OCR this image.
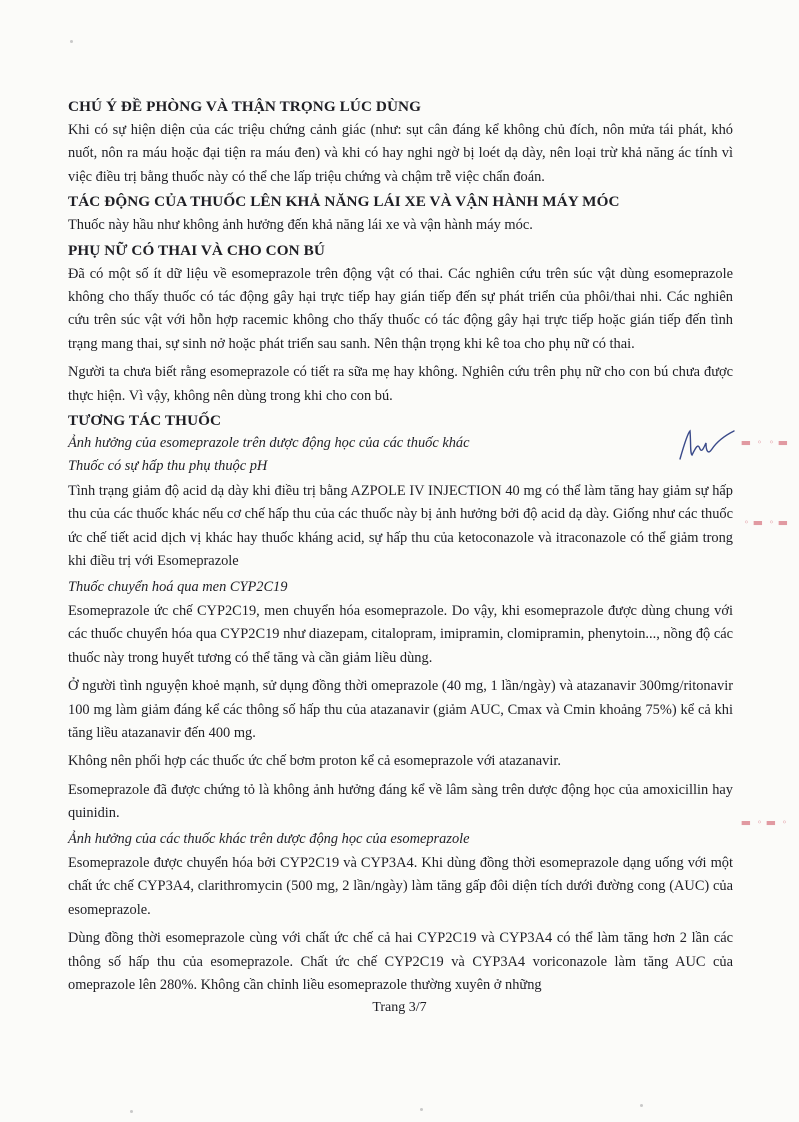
CHÚ Ý ĐỀ PHÒNG VÀ THẬN TRỌNG LÚC DÙNG

Khi có sự hiện diện của các triệu chứng cảnh giác (như: sụt cân đáng kể không chủ đích, nôn mửa tái phát, khó nuốt, nôn ra máu hoặc đại tiện ra máu đen) và khi có hay nghi ngờ bị loét dạ dày, nên loại trừ khả năng ác tính vì việc điều trị bằng thuốc này có thể che lấp triệu chứng và chậm trễ việc chẩn đoán.

TÁC ĐỘNG CỦA THUỐC LÊN KHẢ NĂNG LÁI XE VÀ VẬN HÀNH MÁY MÓC

Thuốc này hầu như không ảnh hưởng đến khả năng lái xe và vận hành máy móc.

PHỤ NỮ CÓ THAI VÀ CHO CON BÚ

Đã có một số ít dữ liệu về esomeprazole trên động vật có thai. Các nghiên cứu trên súc vật dùng esomeprazole không cho thấy thuốc có tác động gây hại trực tiếp hay gián tiếp đến sự phát triển của phôi/thai nhi. Các nghiên cứu trên súc vật với hỗn hợp racemic không cho thấy thuốc có tác động gây hại trực tiếp hoặc gián tiếp đến tình trạng mang thai, sự sinh nở hoặc phát triển sau sanh. Nên thận trọng khi kê toa cho phụ nữ có thai.

Người ta chưa biết rằng esomeprazole có tiết ra sữa mẹ hay không. Nghiên cứu trên phụ nữ cho con bú chưa được thực hiện. Vì vậy, không nên dùng trong khi cho con bú.

TƯƠNG TÁC THUỐC
Ảnh hưởng của esomeprazole trên dược động học của các thuốc khác
Thuốc có sự hấp thu phụ thuộc pH

Tình trạng giảm độ acid dạ dày khi điều trị bằng AZPOLE IV INJECTION 40 mg có thể làm tăng hay giảm sự hấp thu của các thuốc khác nếu cơ chế hấp thu của các thuốc này bị ảnh hưởng bởi độ acid dạ dày. Giống như các thuốc ức chế tiết acid dịch vị khác hay thuốc kháng acid, sự hấp thu của ketoconazole và itraconazole có thể giảm trong khi điều trị với Esomeprazole

Thuốc chuyển hoá qua men CYP2C19

Esomeprazole ức chế CYP2C19, men chuyển hóa esomeprazole. Do vậy, khi esomeprazole được dùng chung với các thuốc chuyển hóa qua CYP2C19 như diazepam, citalopram, imipramin, clomipramin, phenytoin..., nồng độ các thuốc này trong huyết tương có thể tăng và cần giảm liều dùng.

Ở người tình nguyện khoẻ mạnh, sử dụng đồng thời omeprazole (40 mg, 1 lần/ngày) và atazanavir 300mg/ritonavir 100 mg làm giảm đáng kể các thông số hấp thu của atazanavir (giảm AUC, Cmax và Cmin khoảng 75%) kể cả khi tăng liều atazanavir đến 400 mg.

Không nên phối hợp các thuốc ức chế bơm proton kể cả esomeprazole với atazanavir.

Esomeprazole đã được chứng tỏ là không ảnh hưởng đáng kể về lâm sàng trên dược động học của amoxicillin hay quinidin.

Ảnh hưởng của các thuốc khác trên dược động học của esomeprazole

Esomeprazole được chuyển hóa bởi CYP2C19 và CYP3A4. Khi dùng đồng thời esomeprazole dạng uống với một chất ức chế CYP3A4, clarithromycin (500 mg, 2 lần/ngày) làm tăng gấp đôi diện tích dưới đường cong (AUC) của esomeprazole.

Dùng đồng thời esomeprazole cùng với chất ức chế cả hai CYP2C19 và CYP3A4 có thể làm tăng hơn 2 lần các thông số hấp thu của esomeprazole. Chất ức chế CYP2C19 và CYP3A4 voriconazole làm tăng AUC của omeprazole lên 280%. Không cần chỉnh liều esomeprazole thường xuyên ở những

▮ ◦ ◦ ▮
▮ ◦ ▮ ◦
◦ ▮ ◦ ▮
Trang 3/7
